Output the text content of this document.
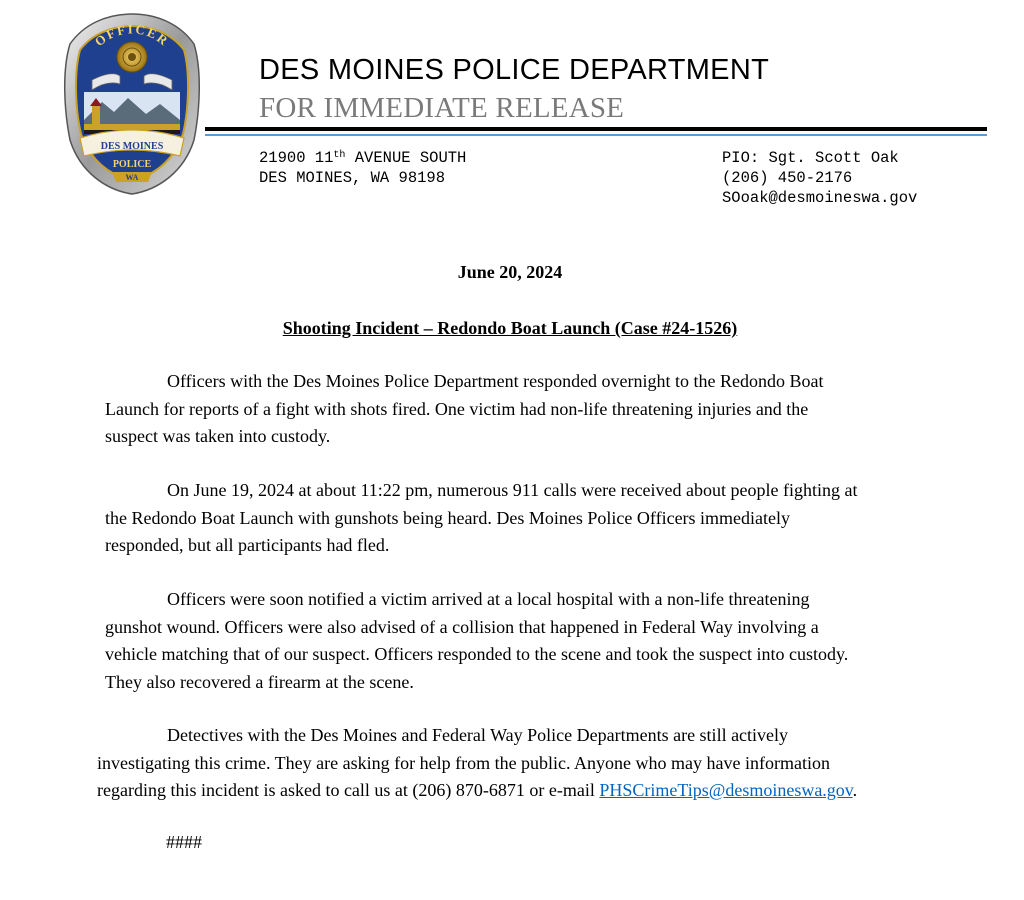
OFFICER
DES MOINES
POLICE
WA
DES MOINES POLICE DEPARTMENT
FOR IMMEDIATE RELEASE
21900 11th AVENUE SOUTH
DES MOINES, WA 98198
PIO: Sgt. Scott Oak
(206) 450-2176
SOoak@desmoineswa.gov
June 20, 2024
Shooting Incident – Redondo Boat Launch (Case #24-1526)
Officers with the Des Moines Police Department responded overnight to the Redondo Boat
Launch for reports of a fight with shots fired. One victim had non-life threatening injuries and the
suspect was taken into custody.
On June 19, 2024 at about 11:22 pm, numerous 911 calls were received about people fighting at
the Redondo Boat Launch with gunshots being heard. Des Moines Police Officers immediately
responded, but all participants had fled.
Officers were soon notified a victim arrived at a local hospital with a non-life threatening
gunshot wound. Officers were also advised of a collision that happened in Federal Way involving a
vehicle matching that of our suspect. Officers responded to the scene and took the suspect into custody.
They also recovered a firearm at the scene.
Detectives with the Des Moines and Federal Way Police Departments are still actively
investigating this crime. They are asking for help from the public. Anyone who may have information
regarding this incident is asked to call us at (206) 870-6871 or e-mail PHSCrimeTips@desmoineswa.gov.
####
